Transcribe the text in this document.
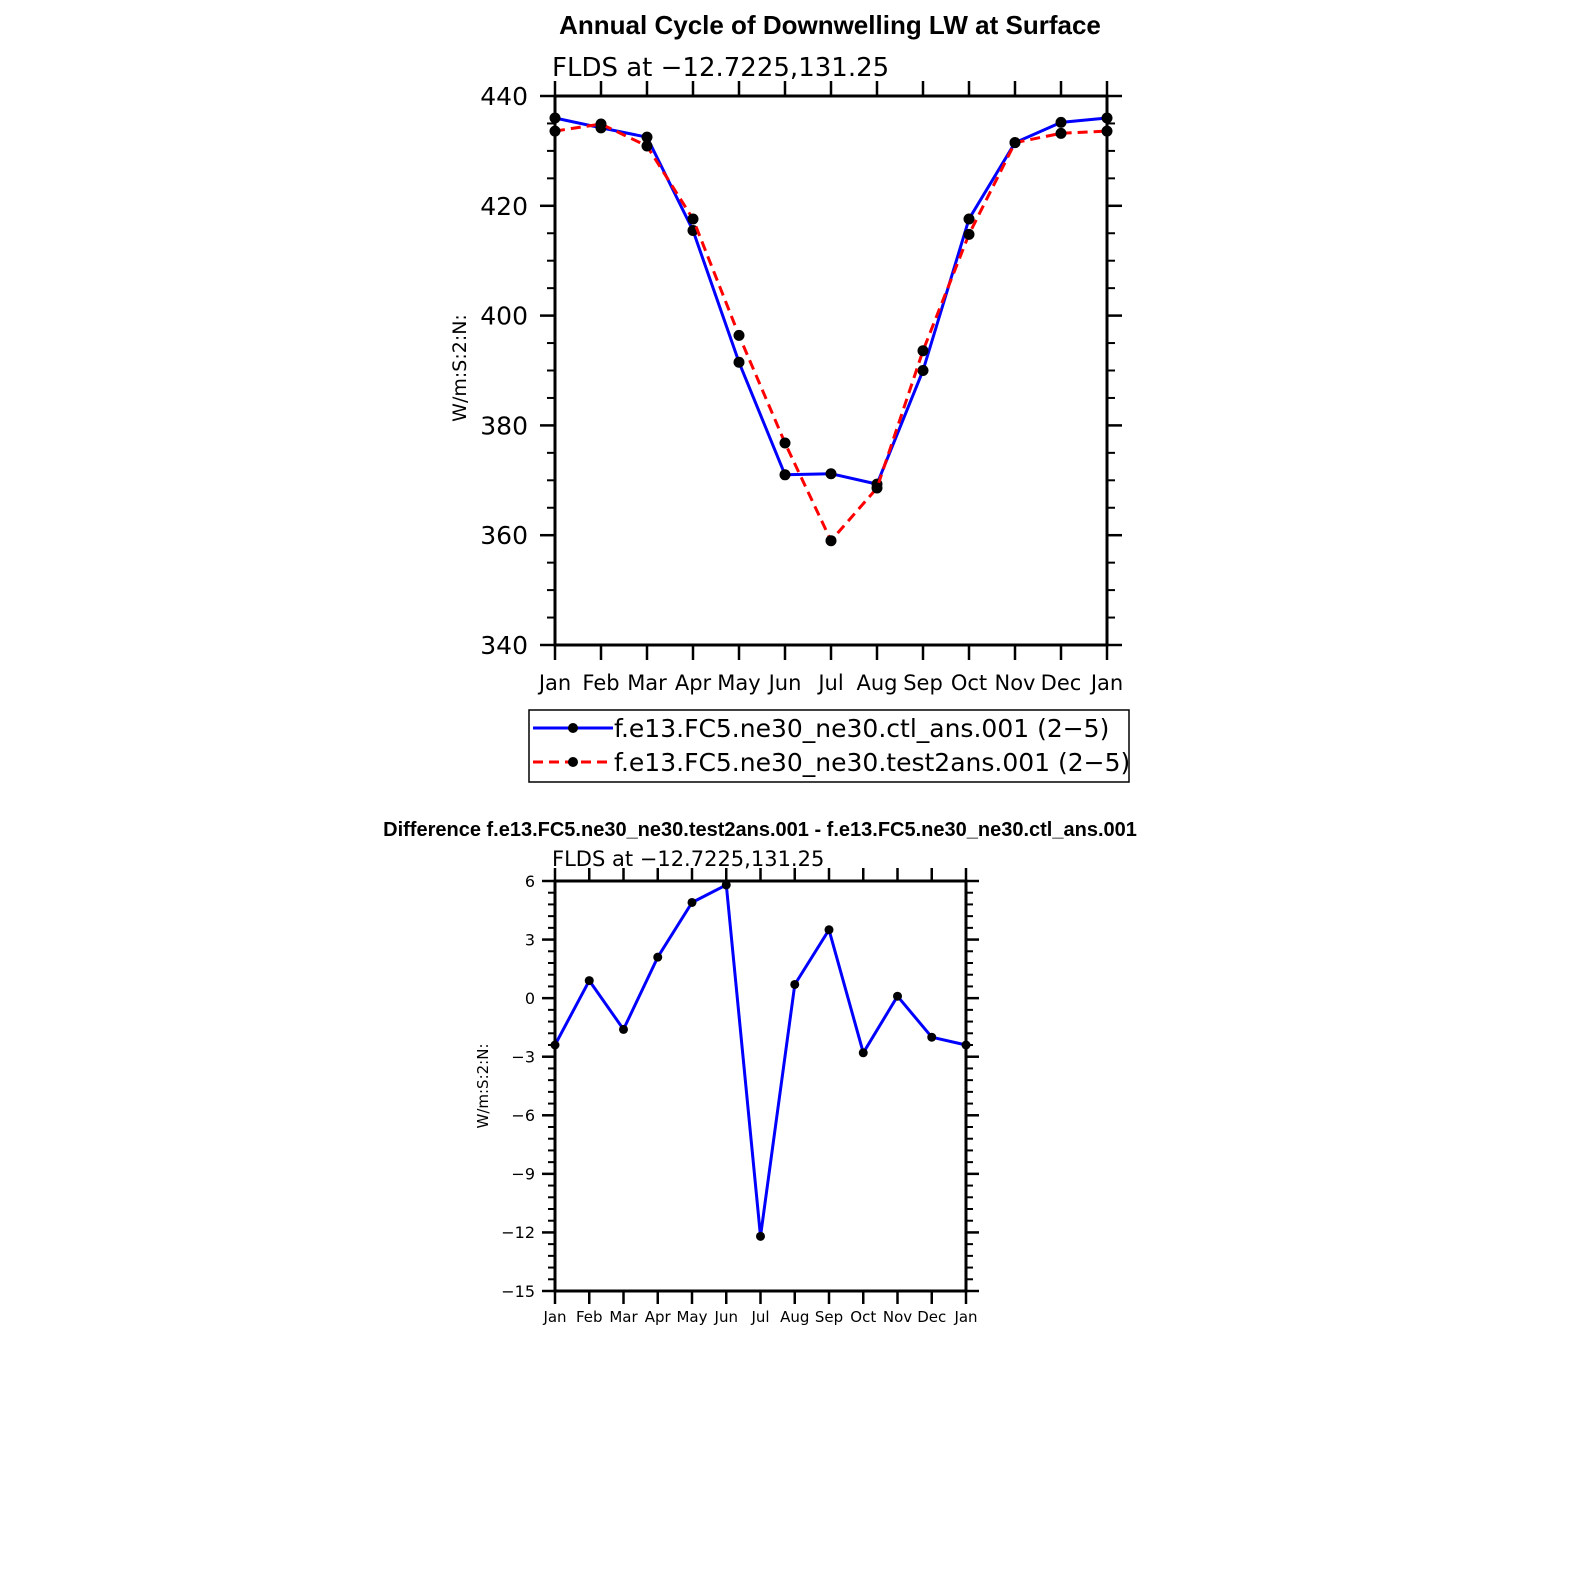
Annual Cycle of Downwelling LW at Surface
FLDS at −12.7225,131.25
W/m:S:2:N:
440
420
400
380
360
340
Jan Feb Mar Apr May Jun Jul Aug Sep Oct Nov Dec Jan
f.e13.FC5.ne30_ne30.ctl_ans.001 (2−5)
f.e13.FC5.ne30_ne30.test2ans.001 (2−5)
Difference f.e13.FC5.ne30_ne30.test2ans.001 - f.e13.FC5.ne30_ne30.ctl_ans.001
FLDS at −12.7225,131.25
W/m:S:2:N:
6
3
0
−3
−6
−9
−12
−15
Jan Feb Mar Apr May Jun Jul Aug Sep Oct Nov Dec Jan
